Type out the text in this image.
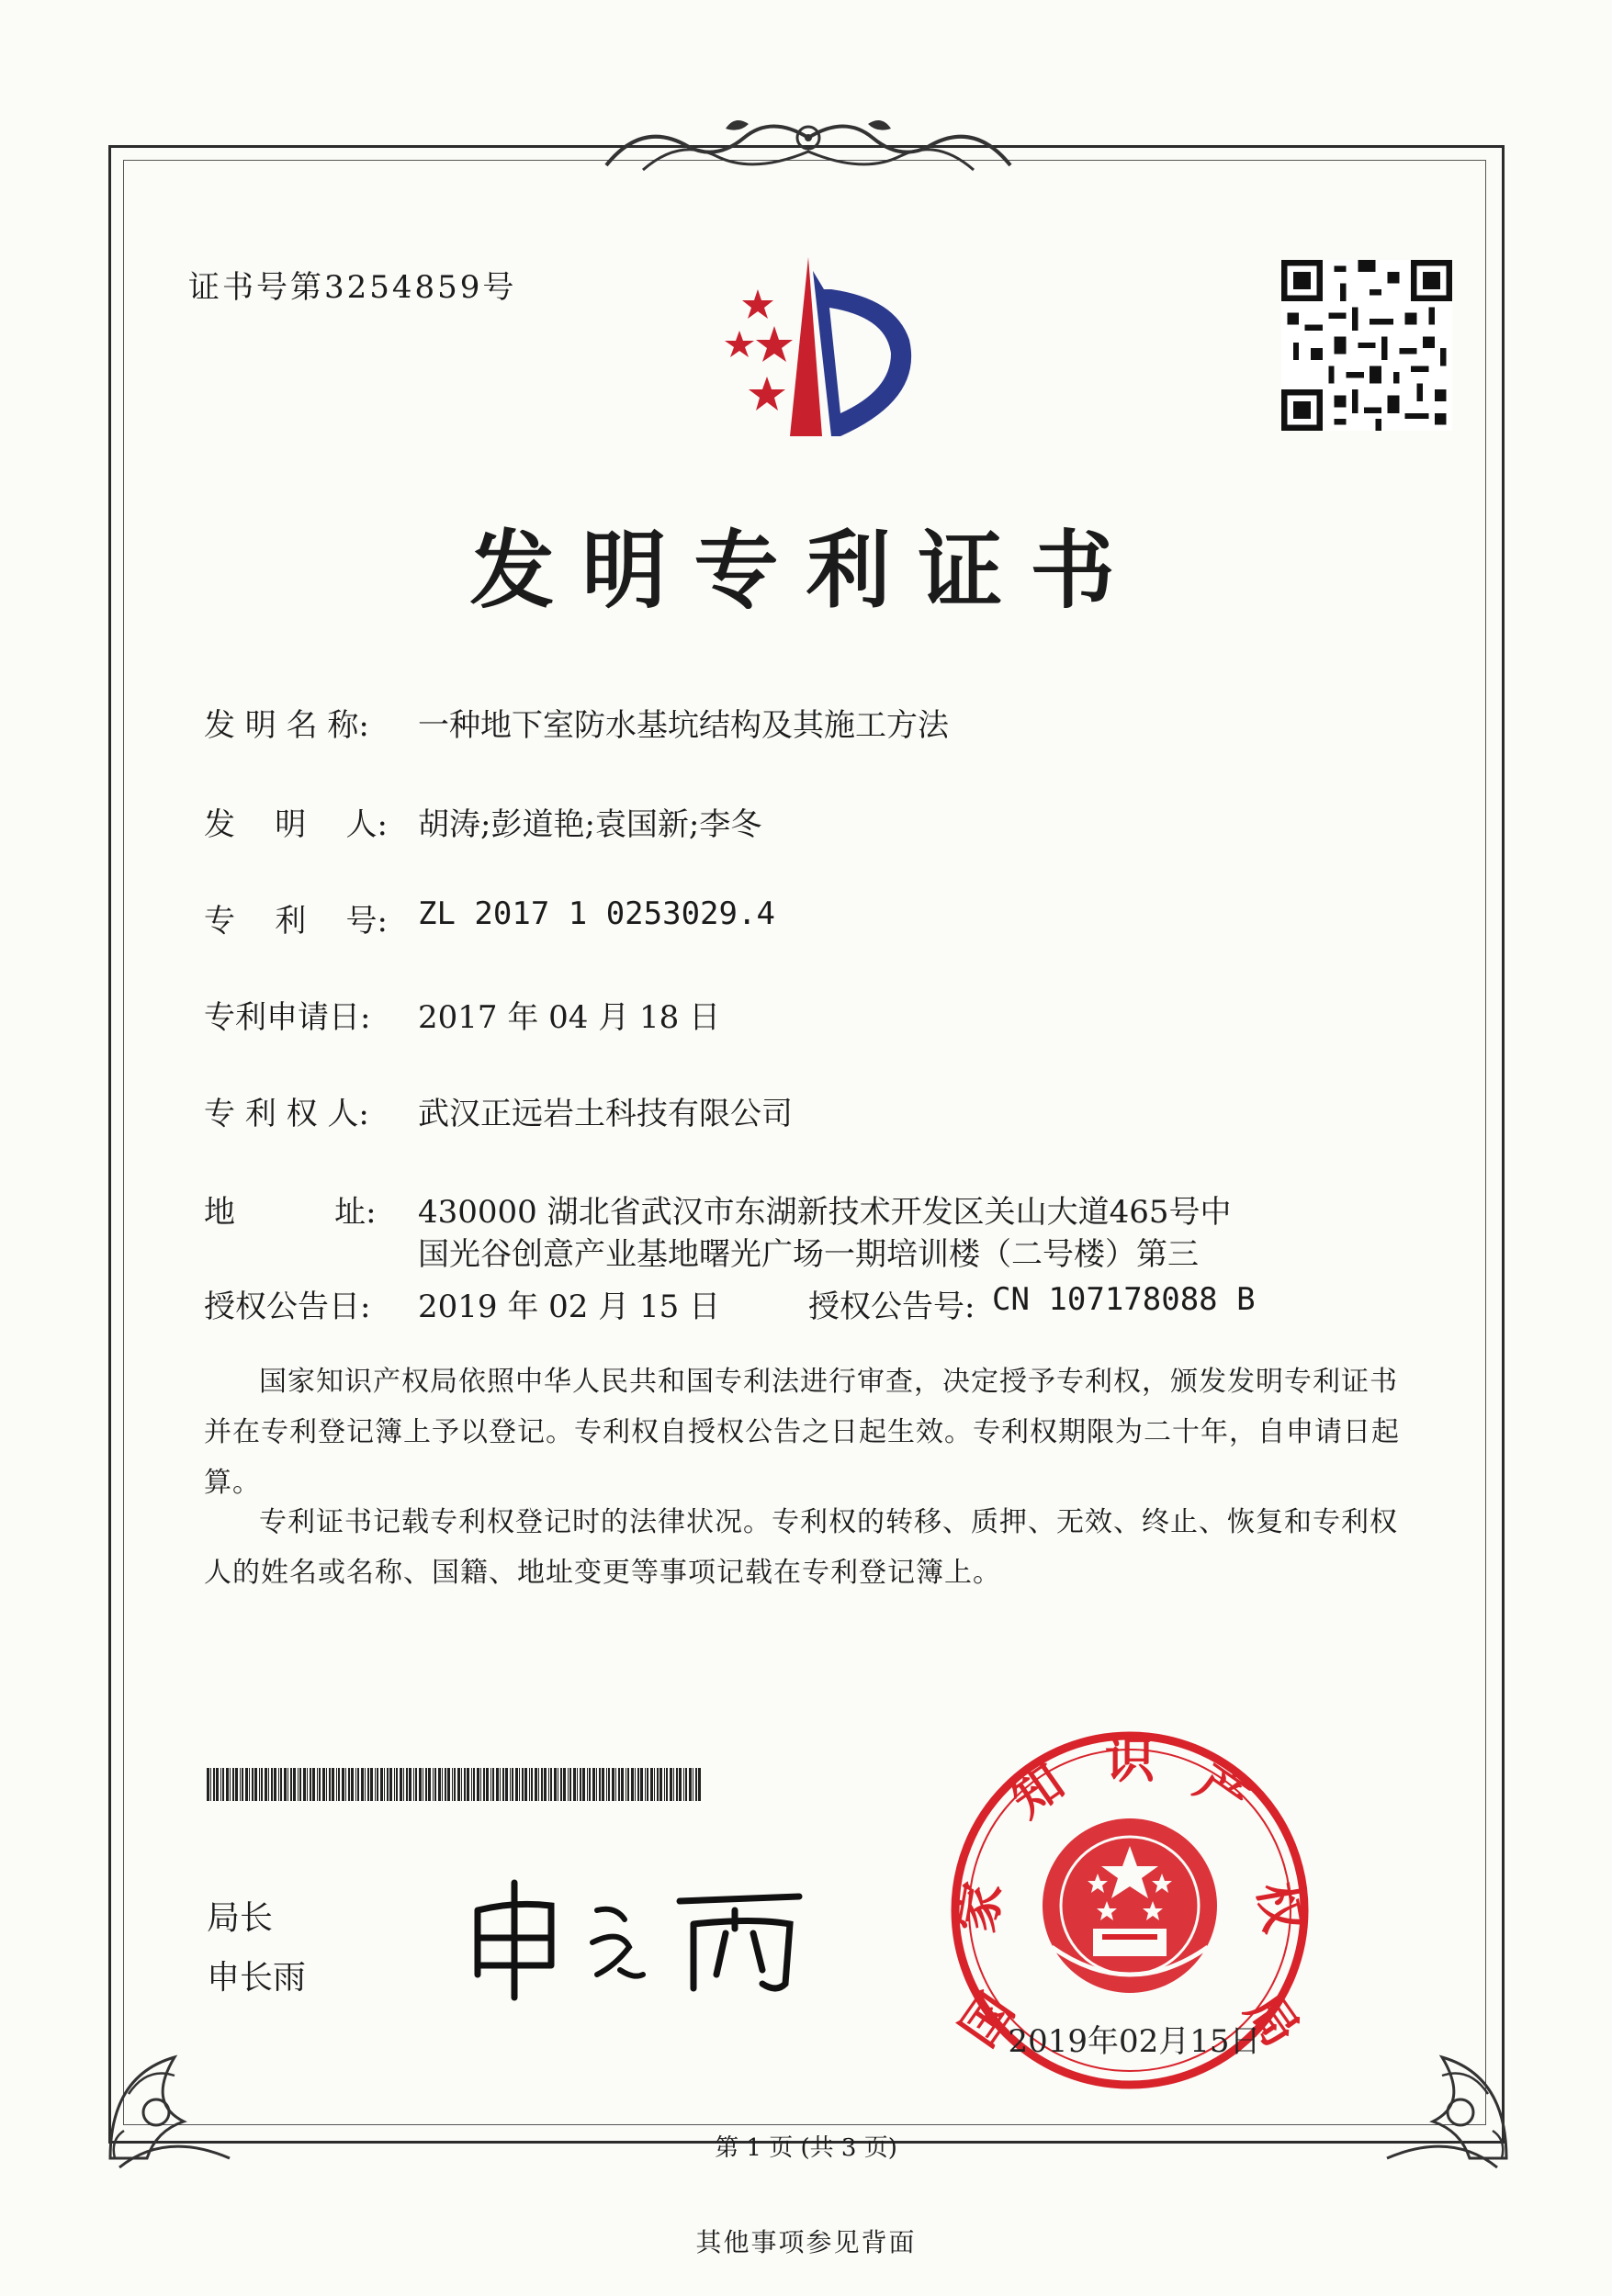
证书号第3254859号
发明专利证书
发 明 名 称: 一种地下室防水基坑结构及其施工方法
发    明    人: 胡涛;彭道艳;袁国新;李冬
专    利    号: ZL 2017 1 0253029.4
专利申请日: 2017 年 04 月 18 日
专 利 权 人: 武汉正远岩土科技有限公司
地          址: 430000 湖北省武汉市东湖新技术开发区关山大道465号中
国光谷创意产业基地曙光广场一期培训楼（二号楼）第三
授权公告日: 2019 年 02 月 15 日	授权公告号: CN 107178088 B
国家知识产权局依照中华人民共和国专利法进行审查，决定授予专利权，颁发发明专利证书并在专利登记簿上予以登记。专利权自授权公告之日起生效。专利权期限为二十年，自申请日起算。
专利证书记载专利权登记时的法律状况。专利权的转移、质押、无效、终止、恢复和专利权人的姓名或名称、国籍、地址变更等事项记载在专利登记簿上。
局长
申长雨
国
家
知 识 产
权
局
2019年02月15日
第 1 页 (共 3 页)
其他事项参见背面
